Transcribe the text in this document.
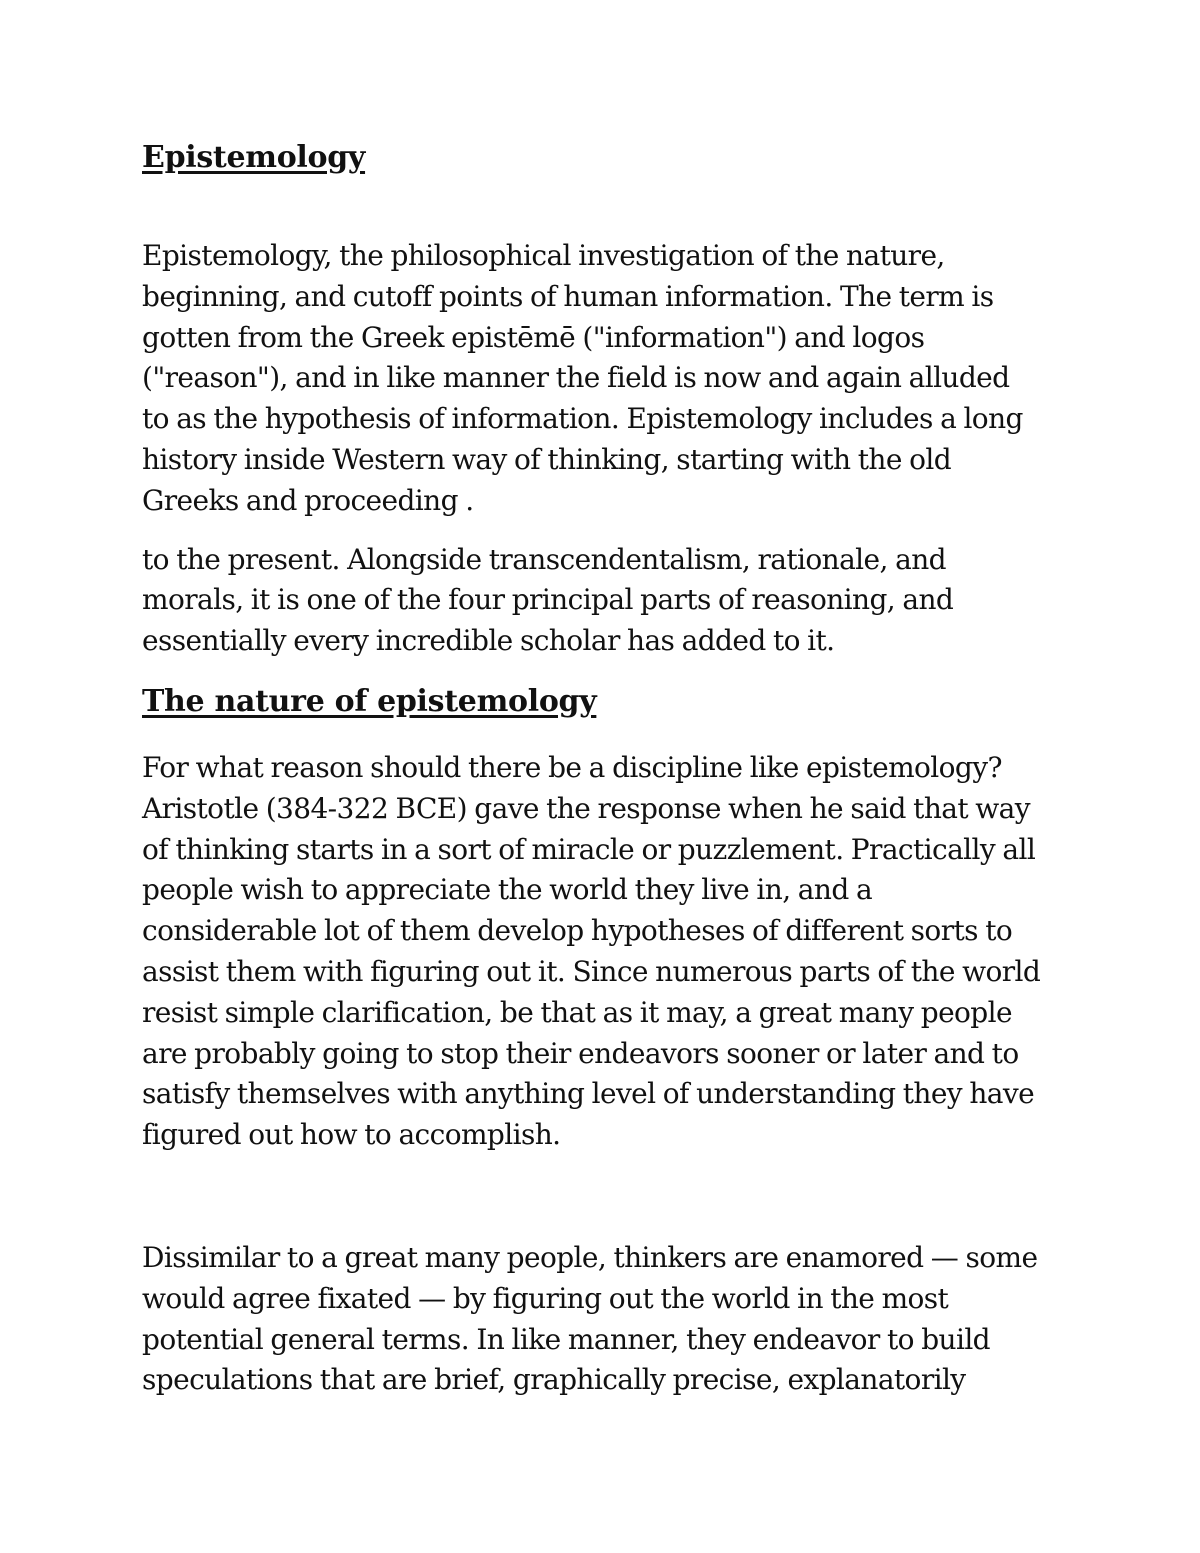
Epistemology

Epistemology, the philosophical investigation of the nature,
beginning, and cutoff points of human information. The term is
gotten from the Greek epistēmē ("information") and logos
("reason"), and in like manner the field is now and again alluded
to as the hypothesis of information. Epistemology includes a long
history inside Western way of thinking, starting with the old
Greeks and proceeding .

to the present. Alongside transcendentalism, rationale, and
morals, it is one of the four principal parts of reasoning, and
essentially every incredible scholar has added to it.

The nature of epistemology

For what reason should there be a discipline like epistemology?
Aristotle (384-322 BCE) gave the response when he said that way
of thinking starts in a sort of miracle or puzzlement. Practically all
people wish to appreciate the world they live in, and a
considerable lot of them develop hypotheses of different sorts to
assist them with figuring out it. Since numerous parts of the world
resist simple clarification, be that as it may, a great many people
are probably going to stop their endeavors sooner or later and to
satisfy themselves with anything level of understanding they have
figured out how to accomplish.

Dissimilar to a great many people, thinkers are enamored — some
would agree fixated — by figuring out the world in the most
potential general terms. In like manner, they endeavor to build
speculations that are brief, graphically precise, explanatorily
